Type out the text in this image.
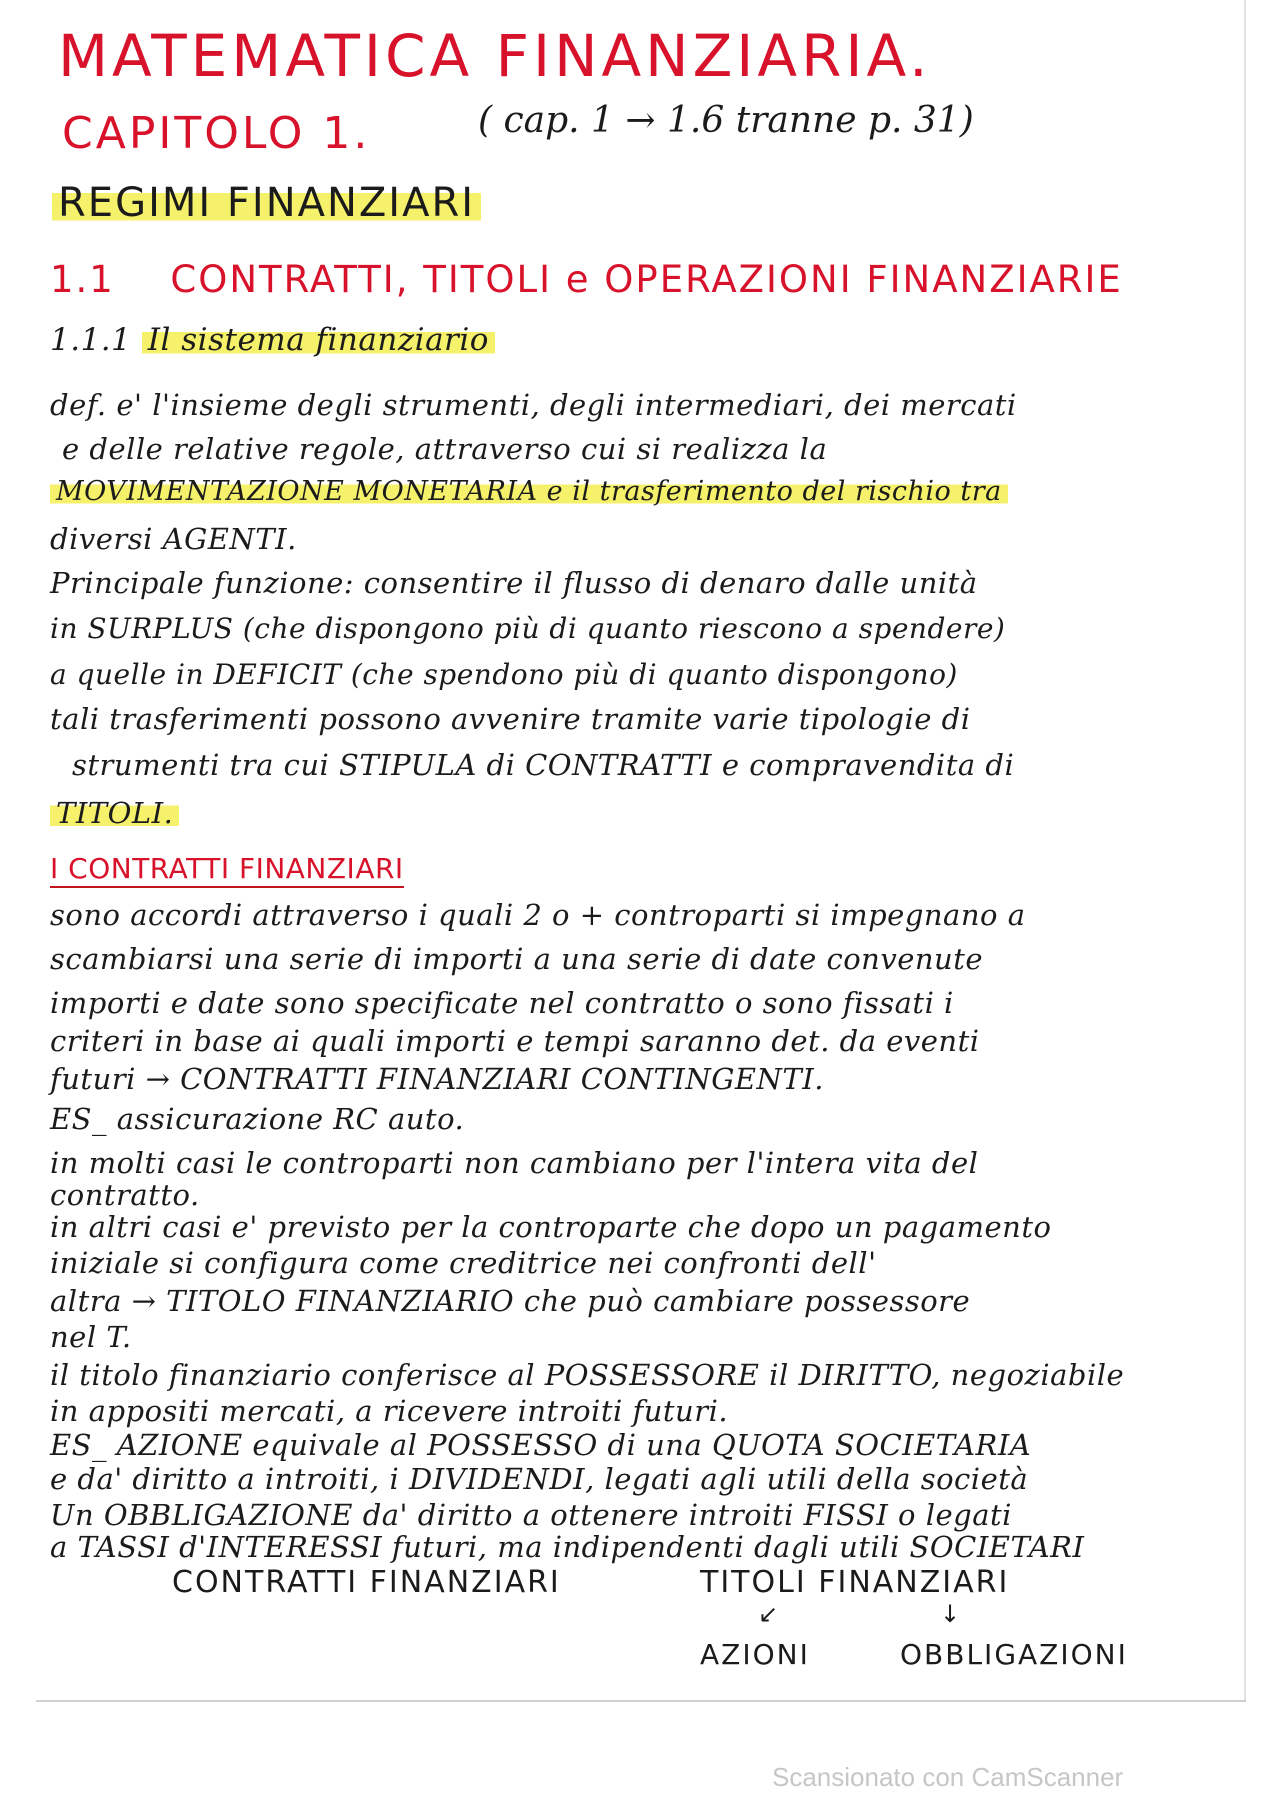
MATEMATICA FINANZIARIA.
CAPITOLO 1.	( cap. 1 → 1.6 tranne p. 31)
REGIMI FINANZIARI
1.1 CONTRATTI, TITOLI e OPERAZIONI FINANZIARIE
1.1.1 Il sistema finanziario
def. e' l'insieme degli strumenti, degli intermediari, dei mercati
e delle relative regole, attraverso cui si realizza la
MOVIMENTAZIONE MONETARIA e il trasferimento del rischio tra
diversi AGENTI.
Principale funzione: consentire il flusso di denaro dalle unità
in SURPLUS (che dispongono più di quanto riescono a spendere)
a quelle in DEFICIT (che spendono più di quanto dispongono)
tali trasferimenti possono avvenire tramite varie tipologie di
strumenti tra cui STIPULA di CONTRATTI e compravendita di
TITOLI.
I CONTRATTI FINANZIARI
sono accordi attraverso i quali 2 o + controparti si impegnano a
scambiarsi una serie di importi a una serie di date convenute
importi e date sono specificate nel contratto o sono fissati i
criteri in base ai quali importi e tempi saranno det. da eventi
futuri → CONTRATTI FINANZIARI CONTINGENTI.
ES_ assicurazione RC auto.
in molti casi le controparti non cambiano per l'intera vita del
contratto.
in altri casi e' previsto per la controparte che dopo un pagamento
iniziale si configura come creditrice nei confronti dell'
altra → TITOLO FINANZIARIO che può cambiare possessore
nel T.
il titolo finanziario conferisce al POSSESSORE il DIRITTO, negoziabile
in appositi mercati, a ricevere introiti futuri.
ES_ AZIONE equivale al POSSESSO di una QUOTA SOCIETARIA
e da' diritto a introiti, i DIVIDENDI, legati agli utili della società
Un OBBLIGAZIONE da' diritto a ottenere introiti FISSI o legati
a TASSI d'INTERESSI futuri, ma indipendenti dagli utili SOCIETARI
CONTRATTI FINANZIARI	TITOLI FINANZIARI
↙	↓
AZIONI	OBBLIGAZIONI
Scansionato con CamScanner
